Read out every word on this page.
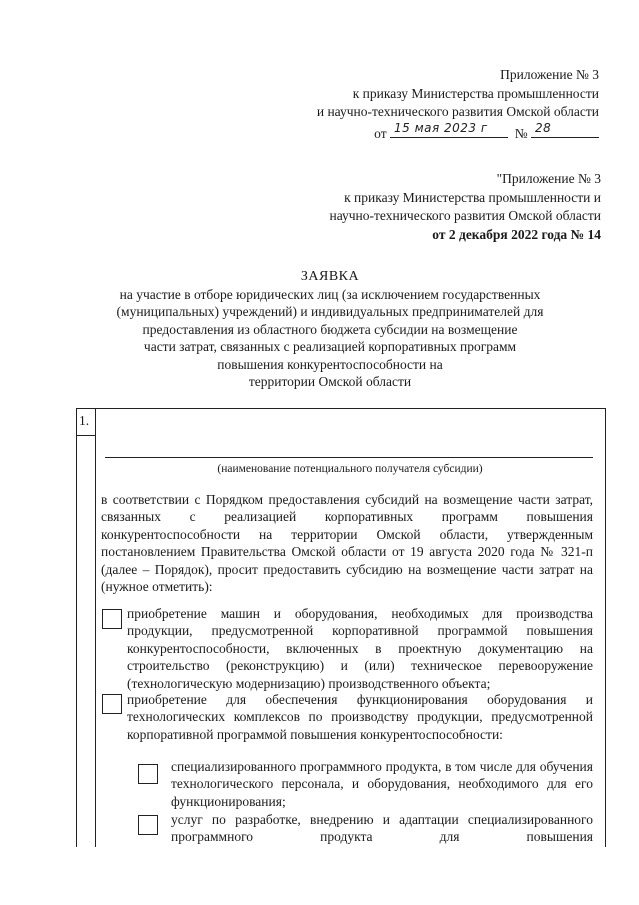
Приложение № 3
к приказу Министерства промышленности
и научно-технического развития Омской области
от 15 мая 2023 г № 28
"Приложение № 3
к приказу Министерства промышленности и
научно-технического развития Омской области
от 2 декабря 2022 года № 14
ЗАЯВКА
на участие в отборе юридических лиц (за исключением государственных
(муниципальных) учреждений) и индивидуальных предпринимателей для
предоставления из областного бюджета субсидии на возмещение
части затрат, связанных с реализацией корпоративных программ
повышения конкурентоспособности на
территории Омской области
1.
(наименование потенциального получателя субсидии)
в соответствии с Порядком предоставления субсидий на возмещение части затрат, связанных с реализацией корпоративных программ повышения конкурентоспособности на территории Омской области, утвержденным постановлением Правительства Омской области от 19 августа 2020 года № 321-п (далее – Порядок), просит предоставить субсидию на возмещение части затрат на (нужное отметить):
приобретение машин и оборудования, необходимых для производства продукции, предусмотренной корпоративной программой повышения конкурентоспособности, включенных в проектную документацию на строительство (реконструкцию) и (или) техническое перевооружение (технологическую модернизацию) производственного объекта;
приобретение для обеспечения функционирования оборудования и технологических комплексов по производству продукции, предусмотренной корпоративной программой повышения конкурентоспособности:
специализированного программного продукта, в том числе для обучения технологического персонала, и оборудования, необходимого для его функционирования;
услуг по разработке, внедрению и адаптации специализированного программного продукта для повышения
